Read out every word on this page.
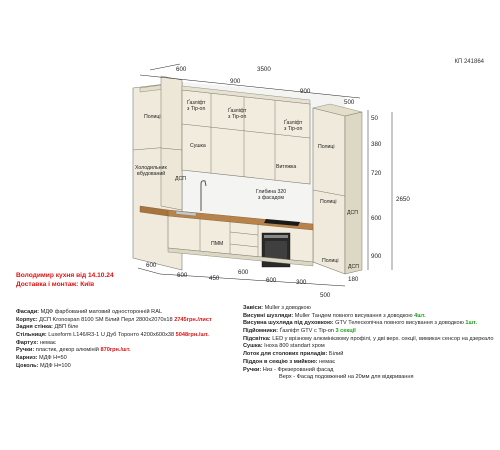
КП 241864
600
900
3500
900
500
50
380
720
2650
600
900
600
450	600	300
500
600	600
180
Полиці
Холодильник вбудований
ДСП
Ґазліфт з Tip-on	Ґазліфт з Tip-on
Ґазліфт з Tip-on
Сушка
Витяжка
Полиці
Глибина 320 з фасадом
Полиці
ДСП
ПММ
Полиці
ДСП
Володимир кухня від 14.10.24
Доставка і монтаж: Київ
Фасади: МДФ фарбований матовий односторонній RAL
Корпус: ДСП Kronospan 8100 SM Білий Перл 2800x2070x18 2745грн./лист
Задня стінка: ДВП біле
Стільниця: Luxeform L146/R3-1 U Дуб Торонто 4200x600x38 5048грн./шт.
Фартух: немає
Ручки: пластик, декор алюміній 870грн./шт.
Карниз: МДФ H=50
Цоколь: МДФ H=100
Завіси: Muller з доводкою
Висувні шухляди: Muller Тандем повного висування з доводкою 4шт.
Висувна шухляда під духовкою: GTV Телескопічна повного висування з доводкою 1шт.
Підйомники: Ґазліфт GTV с Tip-on 3 секції
Підсвітка: LED у врізному алюмінієвому профілі, у дві верх. секції, вимикач сенсор на дзеркало
Сушка: Іноха 800 standart хром
Лоток для столових приладів: Білий
Піддон в секцію з мийкою: немає
Ручки: Низ - Фрезерований фасад
Верх - Фасад подовжений на 20мм для відкривання
